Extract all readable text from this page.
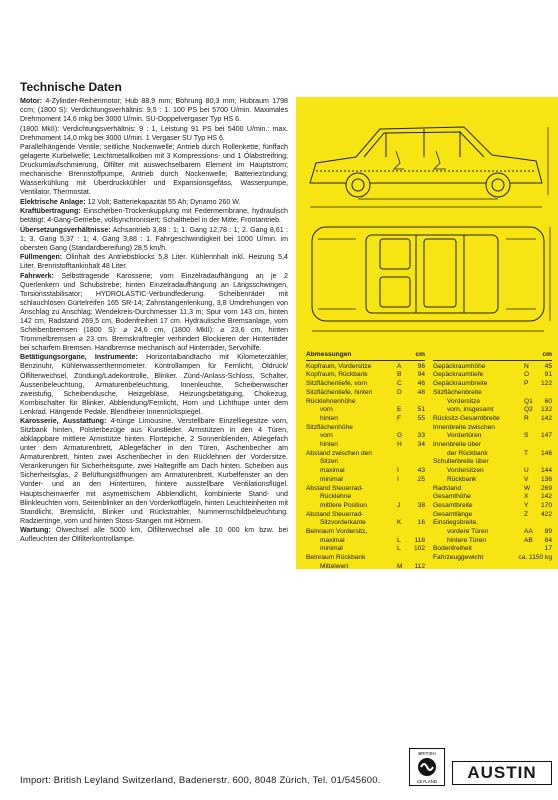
Technische Daten

Motor: 4-Zylinder-Reihenmotor; Hub 88,9 mm; Bohrung 80,3 mm; Hubraum 1798 ccm; (1800 S): Verdichtungsverhältnis: 9,5 : 1. 100 PS bei 5700 U/min. Maximales Drehmoment 14,6 mkg bei 3000 U/min. SU-Doppelvergaser Typ HS 6.

(1800 MkII): Verdichtungsverhältnis: 9 : 1, Leistung 91 PS bei 5400 U/min.: max. Drehmoment 14,0 mkg bei 3000 U/min. 1 Vergaser SU Typ HS 6.

Parallelhängende Ventile; seitliche Nockenwelle; Antrieb durch Rollenkette; fünffach gelagerte Kurbelwelle; Leichtmetallkolben mit 3 Kompressions- und 1 Ölabstreifring; Druckumlaufschmierung, Ölfilter mit auswechselbarem Element im Hauptstrom; mechanische Brennstoffpumpe, Antrieb durch Nockenwelle; Batteriezündung; Wasserkühlung mit Überdruckkühler und Expansionsgefäss, Wasserpumpe, Ventilator, Thermostat.

Elektrische Anlage: 12 Volt; Batteriekapazität 55 Ah; Dynamo 260 W.

Kraftübertragung: Einscheiben-Trockenkupplung mit Federmembrane, hydraulisch betätigt; 4-Gang-Getriebe, vollsynchronisiert; Schalthebel in der Mitte; Frontantrieb.

Übersetzungsverhältnisse: Achsantrieb 3,88 : 1; 1. Gang 12,78 : 1; 2. Gang 8,61 : 1; 3. Gang 5,37 : 1; 4. Gang 3,88 : 1. Fahrgeschwindigkeit bei 1000 U/min. im obersten Gang (Standardbereifung) 28,5 km/h.

Füllmengen: Ölinhalt des Antriebsblocks 5,8 Liter. Kühlerinhalt inkl. Heizung 5,4 Liter. Brennstofftankinhalt 48 Liter.

Fahrwerk: Selbsttragende Karosserie; vorn Einzelradaufhängung an je 2 Querlenkern und Schubstrebe; hinten Einzelradaufhängung an Längsschwingen, Torsionsstabilisator; HYDROLASTIC-Verbundfederung. Scheibenräder mit schlauchlosen Gürtelreifen 165 SR-14; Zahnstangenlenkung, 3,8 Umdrehungen von Anschlag zu Anschlag; Wendekreis-Durchmesser 11,3 m; Spur vorn 143 cm, hinten 142 cm, Radstand 269,5 cm, Bodenfreiheit 17 cm. Hydraulische Bremsanlage, vorn Scheibenbremsen (1800 S): ⌀ 24,6 cm, (1800 MkII): ⌀ 23,6 cm, hinten Trommelbremsen ⌀ 23 cm. Bremskraftregler verhindert Blockieren der Hinterräder bei scharfem Bremsen. Handbremse mechanisch auf Hinterräder, Servohilfe.

Betätigungsorgane, Instrumente: Horizontalbandtacho mit Kilometerzähler, Benzinuhr, Kühlerwasserthermometer. Kontrollampen für Fernlicht, Öldruck/Ölfilterwechsel, Zündung/Ladekontrolle, Blinker. Zünd-/Anlass-Schloss, Schalter, Aussenbeleuchtung, Armaturenbeleuchtung, Innenleuchte, Scheibenwischer zweistufig, Scheibendusche, Heizgebläse, Heizungsbetätigung, Chokezug, Kombischalter für Blinker, Abblendung/Fernlicht, Horn und Lichthupe unter dem Lenkrad. Hängende Pedale. Blendfreier Innenrückspiegel.

Karosserie, Ausstattung: 4-türige Limousine. Verstellbare Einzelliegesitze vorn, Sitzbank hinten, Polsterbezüge aus Kunstleder. Armstützen in den 4 Türen, abklappbare mittlere Armstütze hinten. Flortepiche, 2 Sonnenblenden, Ablegefach unter dem Armaturenbrett, Ablegefächer in den Türen, Aschenbecher am Armaturenbrett, hinten zwei Aschenbecher in den Rücklehnen der Vordersitze. Verankerungen für Sicherheitsgurte, zwei Haltegriffe am Dach hinten. Scheiben aus Sicherheitsglas, 2 Belüftungsöffnungen am Armaturenbrett, Kurbelfenster an den Vorder- und an den Hintertüren, hintere ausstellbare Ventilationsflügel. Hauptscheinwerfer mit asymetrischem Abblendlicht, kombinierte Stand- und Blinkleuchten vorn, Seitenblinker an den Vorderkotflügeln, hinten Leuchteinheiten mit Standlicht, Bremslicht, Blinker und Rückstrahler, Nummernschildbeleuchtung. Radzierringe, vorn und hinten Stoss-Stangen mit Hörnern.

Wartung: Ölwechsel alle 5000 km, Ölfilterwechsel alle 10 000 km bzw. bei Aufleuchten der Ölfilterkontrollampe.

Abmessungen	cm
Kopfraum, Vordersitze	A	96
Kopfraum, Rückbank	B	94
Sitzflächentiefe, vorn	C	46
Sitzflächentiefe, hinten	D	48
Rücklehnenhöhe
vorn	E	51
hinten	F	55
Sitzflächenhöhe
vorn	G	33
hinten	H	34
Abstand zwischen den
Sitzen
maximal	I	43
minimal	I	25
Abstand Steuerrad-
Rücklehne
mittlere Position	J	38
Abstand Steuerrad-
Sitzvorderkante	K	16
Beinraum Vordersitz,
maximal	L	118
minimal	L	102
Beinraum Rückbank
Mittelwert	M	112
cm
Gepäckraumhöhe	N	45
Gepäckraumtiefe	O	91
Gepäckraumbreite	P	122
Sitzflächenbreite
Vordersitze	Q1	60
vorn, insgesamt	Q2	132
Rücksitz-Gesamtbreite	R	142
Innenbreite zwischen
Vordertüren	S	147
Innenbreite über
der Rückbank	T	146
Schulterbreite über
Vordersitzen	U	144
Rückbank	V	136
Radstand	W	269
Gesamthöhe	X	142
Gesamtbreite	Y	170
Gesamtlänge	Z	422
Einstiegsbreite,
vordere Türen	AA	89
hintere Türen	AB	84
Bodenfreiheit	17
Fahrzeuggewicht	ca. 1150 kg
BRITISH
LEYLAND	AUSTIN
Import: British Leyland Switzerland, Badenerstr. 600, 8048 Zürich, Tel. 01/545600.
